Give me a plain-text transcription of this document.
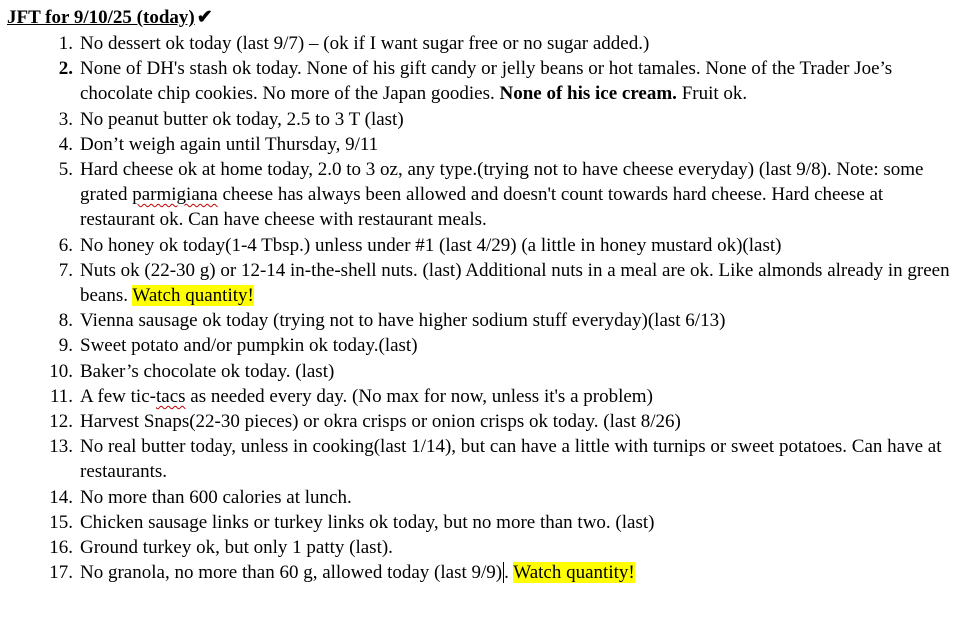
JFT for 9/10/25 (today) ✔
1. No dessert ok today (last 9/7) – (ok if I want sugar free or no sugar added.)
2. None of DH's stash ok today. None of his gift candy or jelly beans or hot tamales. None of the Trader Joe’s chocolate chip cookies. No more of the Japan goodies. None of his ice cream. Fruit ok.
3. No peanut butter ok today, 2.5 to 3 T (last)
4. Don’t weigh again until Thursday, 9/11
5. Hard cheese ok at home today, 2.0 to 3 oz, any type.(trying not to have cheese everyday) (last 9/8). Note: some grated parmigiana cheese has always been allowed and doesn't count towards hard cheese. Hard cheese at restaurant ok. Can have cheese with restaurant meals.
6. No honey ok today(1-4 Tbsp.) unless under #1 (last 4/29) (a little in honey mustard ok)(last)
7. Nuts ok (22-30 g) or 12-14 in-the-shell nuts. (last) Additional nuts in a meal are ok. Like almonds already in green beans. Watch quantity!
8. Vienna sausage ok today (trying not to have higher sodium stuff everyday)(last 6/13)
9. Sweet potato and/or pumpkin ok today.(last)
10. Baker’s chocolate ok today. (last)
11. A few tic-tacs as needed every day. (No max for now, unless it's a problem)
12. Harvest Snaps(22-30 pieces) or okra crisps or onion crisps ok today. (last 8/26)
13. No real butter today, unless in cooking(last 1/14), but can have a little with turnips or sweet potatoes. Can have at restaurants.
14. No more than 600 calories at lunch.
15. Chicken sausage links or turkey links ok today, but no more than two. (last)
16. Ground turkey ok, but only 1 patty (last).
17. No granola, no more than 60 g, allowed today (last 9/9) . Watch quantity!
